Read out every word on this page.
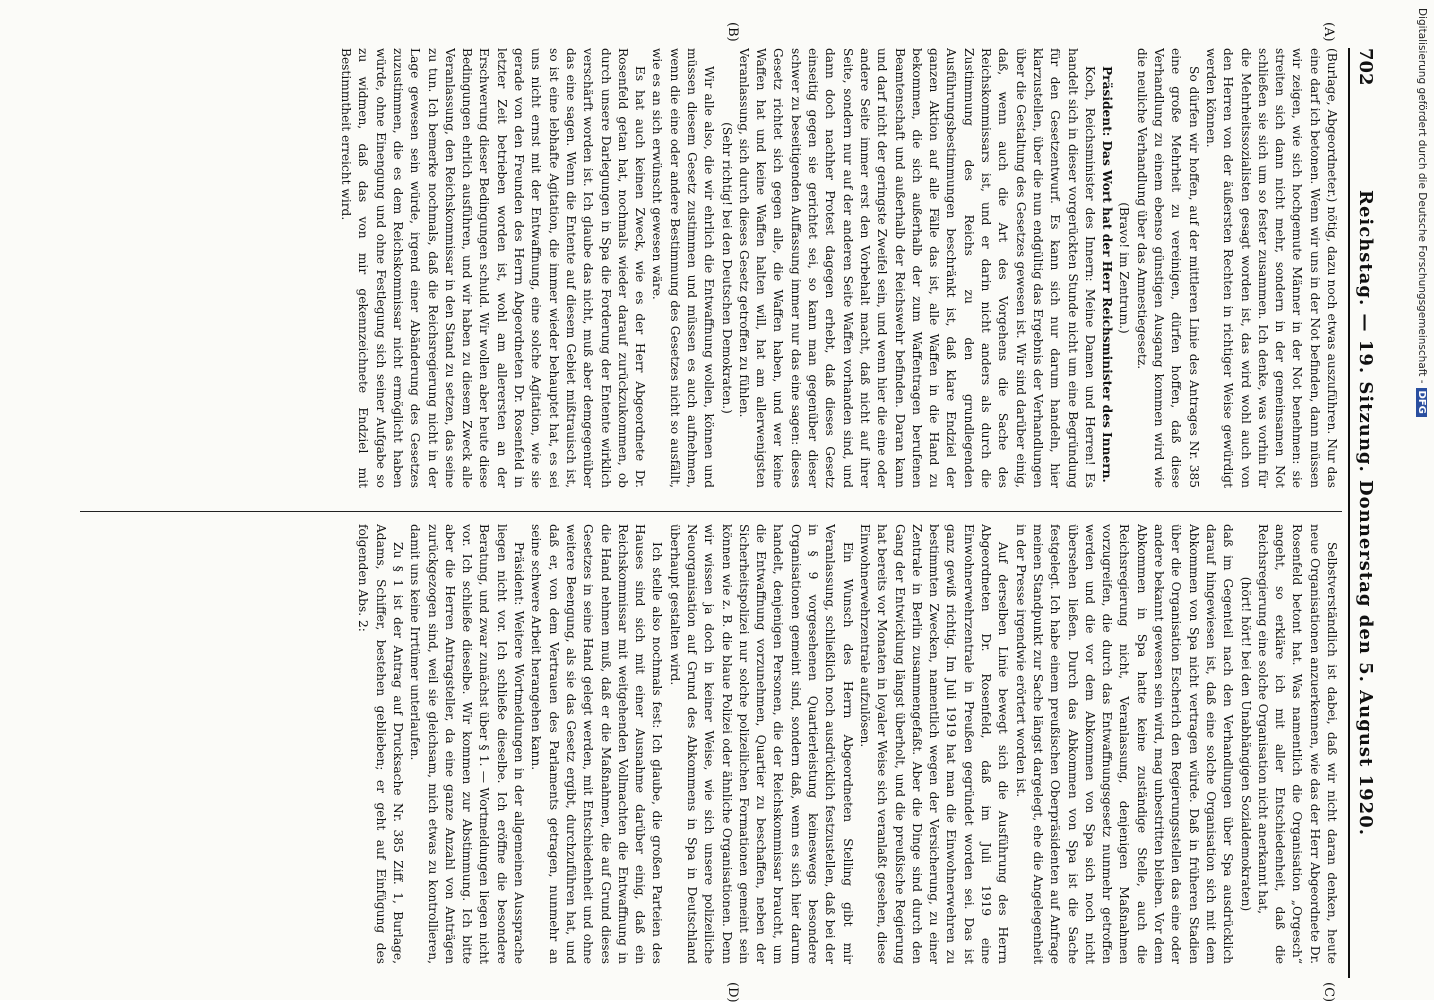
702
Reichstag. — 19. Sitzung. Donnerstag den 5. August 1920.
(A)
(B)
(C)
(D)

(Burlage, Abgeordneter.) nötig, dazu noch etwas auszuführen. Nur das eine darf ich betonen. Wenn wir uns in der Not befinden, dann müssen wir zeigen, wie sich hochgemute Männer in der Not benehmen: sie streiten sich dann nicht mehr, sondern in der gemeinsamen Not schließen sie sich um so fester zusammen. Ich denke, was vorhin für die Mehrheitssozialisten gesagt worden ist, das wird wohl auch von den Herren von der äußersten Rechten in richtiger Weise gewürdigt werden können.

So dürfen wir hoffen, auf der mittleren Linie des Antrages Nr. 385 eine große Mehrheit zu vereinigen, dürfen hoffen, daß diese Verhandlung zu einem ebenso günstigen Ausgang kommen wird wie die neuliche Verhandlung über das Amnestiegesetz.

(Bravo! im Zentrum.)

Präsident: Das Wort hat der Herr Reichsminister des Innern.

Koch, Reichsminister des Innern: Meine Damen und Herren! Es handelt sich in dieser vorgerückten Stunde nicht um eine Begründung für den Gesetzentwurf. Es kann sich nur darum handeln, hier klarzustellen, über die nun endgültig das Ergebnis der Verhandlungen über die Gestaltung des Gesetzes gewesen ist. Wir sind darüber einig, daß, wenn auch die Art des Vorgehens die Sache des Reichskommissars ist, und er darin nicht anders als durch die Zustimmung des Reichs zu den grundlegenden Ausführungsbestimmungen beschränkt ist, daß klare Endziel der ganzen Aktion auf alle Fälle das ist, alle Waffen in die Hand zu bekommen, die sich außerhalb der zum Waffentragen berufenen Beamtenschaft und außerhalb der Reichswehr befinden. Daran kann und darf nicht der geringste Zweifel sein, und wenn hier die eine oder andere Seite immer erst den Vorbehalt macht, daß nicht auf ihrer Seite, sondern nur auf der anderen Seite Waffen vorhanden sind, und dann doch nachher Protest dagegen erhebt, daß dieses Gesetz einseitig gegen sie gerichtet sei, so kann man gegenüber dieser schwer zu beseitigenden Auffassung immer nur das eine sagen: dieses Gesetz richtet sich gegen alle, die Waffen haben, und wer keine Waffen hat und keine Waffen halten will, hat am allerwenigsten Veranlassung, sich durch dieses Gesetz getroffen zu fühlen.

(Sehr richtig! bei den Deutschen Demokraten.)

Wir alle also, die wir ehrlich die Entwaffnung wollen, können und müssen diesem Gesetz zustimmen und müssen es auch aufnehmen, wenn die eine oder andere Bestimmung des Gesetzes nicht so ausfällt, wie es an sich erwünscht gewesen wäre.

Es hat auch keinen Zweck, wie es der Herr Abgeordnete Dr. Rosenfeld getan hat, nochmals wieder darauf zurückzukommen, ob durch unsere Darlegungen in Spa die Forderung der Entente wirklich verschärft worden ist. Ich glaube das nicht, muß aber demgegenüber das eine sagen. Wenn die Entente auf diesem Gebiet mißtrauisch ist, so ist eine lebhafte Agitation, die immer wieder behauptet hat, es sei uns nicht ernst mit der Entwaffnung, eine solche Agitation, wie sie gerade von den Freunden des Herrn Abgeordneten Dr. Rosenfeld in letzter Zeit betrieben worden ist, wohl am allerersten an der Erschwerung dieser Bedingungen schuld. Wir wollen aber heute diese Bedingungen ehrlich ausführen, und wir haben zu diesem Zweck alle Veranlassung, den Reichskommissar in den Stand zu setzen, das seine zu tun. Ich bemerke nochmals, daß die Reichsregierung nicht in der Lage gewesen sein würde, irgend einer Abänderung des Gesetzes zuzustimmen, die es dem Reichskommissar nicht ermöglicht haben würde, ohne Einengung und ohne Festlegung sich seiner Aufgabe so zu widmen, daß das von mir gekennzeichnete Endziel mit Bestimmtheit erreicht wird.

Selbstverständlich ist dabei, daß wir nicht daran denken, heute neue Organisationen anzuerkennen, wie das der Herr Abgeordnete Dr. Rosenfeld betont hat. Was namentlich die Organisation „Orgesch“ angeht, so erkläre ich mit aller Entschiedenheit, daß die Reichsregierung eine solche Organisation nicht anerkannt hat,

(hört! hört! bei den Unabhängigen Sozialdemokraten)

daß im Gegenteil nach den Verhandlungen über Spa ausdrücklich darauf hingewiesen ist, daß eine solche Organisation sich mit dem Abkommen von Spa nicht vertragen würde. Daß in früheren Stadien über die Organisation Escherich den Regierungsstellen das eine oder andere bekannt gewesen sein wird, mag unbestritten bleiben. Vor dem Abkommen in Spa hatte keine zuständige Stelle, auch die Reichsregierung nicht, Veranlassung, denjenigen Maßnahmen vorzugreifen, die durch das Entwaffnungsgesetz nunmehr getroffen werden und die vor dem Abkommen von Spa sich noch nicht übersehen ließen. Durch das Abkommen von Spa ist die Sache festgelegt. Ich habe einem preußischen Oberpräsidenten auf Anfrage meinen Standpunkt zur Sache längst dargelegt, ehe die Angelegenheit in der Presse irgendwie erörtert worden ist.

Auf derselben Linie bewegt sich die Ausführung des Herrn Abgeordneten Dr. Rosenfeld, daß im Juli 1919 eine Einwohnerwehrzentrale in Preußen gegründet worden sei. Das ist ganz gewiß richtig. Im Juli 1919 hat man die Einwohnerwehren zu bestimmten Zwecken, namentlich wegen der Versicherung, zu einer Zentrale in Berlin zusammengefaßt. Aber die Dinge sind durch den Gang der Entwicklung längst überholt, und die preußische Regierung hat bereits vor Monaten in loyaler Weise sich veranlaßt gesehen, diese Einwohnerwehrzentrale aufzulösen.

Ein Wunsch des Herrn Abgeordneten Stelling gibt mir Veranlassung, schließlich noch ausdrücklich festzustellen, daß bei der in § 9 vorgesehenen Quartierleistung keineswegs besondere Organisationen gemeint sind, sondern daß, wenn es sich hier darum handelt, denjenigen Personen, die der Reichskommissar braucht, um die Entwaffnung vorzunehmen, Quartier zu beschaffen, neben der Sicherheitspolizei nur solche polizeilichen Formationen gemeint sein können wie z. B. die blaue Polizei oder ähnliche Organisationen. Denn wir wissen ja doch in keiner Weise, wie sich unsere polizeiliche Neuorganisation auf Grund des Abkommens in Spa in Deutschland überhaupt gestalten wird.

Ich stelle also nochmals fest: Ich glaube, die großen Parteien des Hauses sind sich mit einer Ausnahme darüber einig, daß ein Reichskommissar mit weitgehenden Vollmachten die Entwaffnung in die Hand nehmen muß, daß er die Maßnahmen, die auf Grund dieses Gesetzes in seine Hand gelegt werden, mit Entschiedenheit und ohne weitere Beengung, als sie das Gesetz ergibt, durchzuführen hat, und daß er, von dem Vertrauen des Parlaments getragen, nunmehr an seine schwere Arbeit herangehen kann.

Präsident: Weitere Wortmeldungen in der allgemeinen Aussprache liegen nicht vor. Ich schließe dieselbe. Ich eröffne die besondere Beratung, und zwar zunächst über § 1. — Wortmeldungen liegen nicht vor. Ich schließe dieselbe. Wir kommen zur Abstimmung. Ich bitte aber die Herren Antragsteller, da eine ganze Anzahl von Anträgen zurückgezogen sind, weil sie gleichsam, mich etwas zu kontrollieren, damit uns keine Irrtümer unterlaufen.

Zu § 1 ist der Antrag auf Drucksache Nr. 385 Ziff. 1, Burlage, Adams, Schiffer, bestehen geblieben; er geht auf Einfügung des folgenden Abs. 2:

Digitalisierung gefördert durch die Deutsche Forschungsgemeinschaft -DFG
